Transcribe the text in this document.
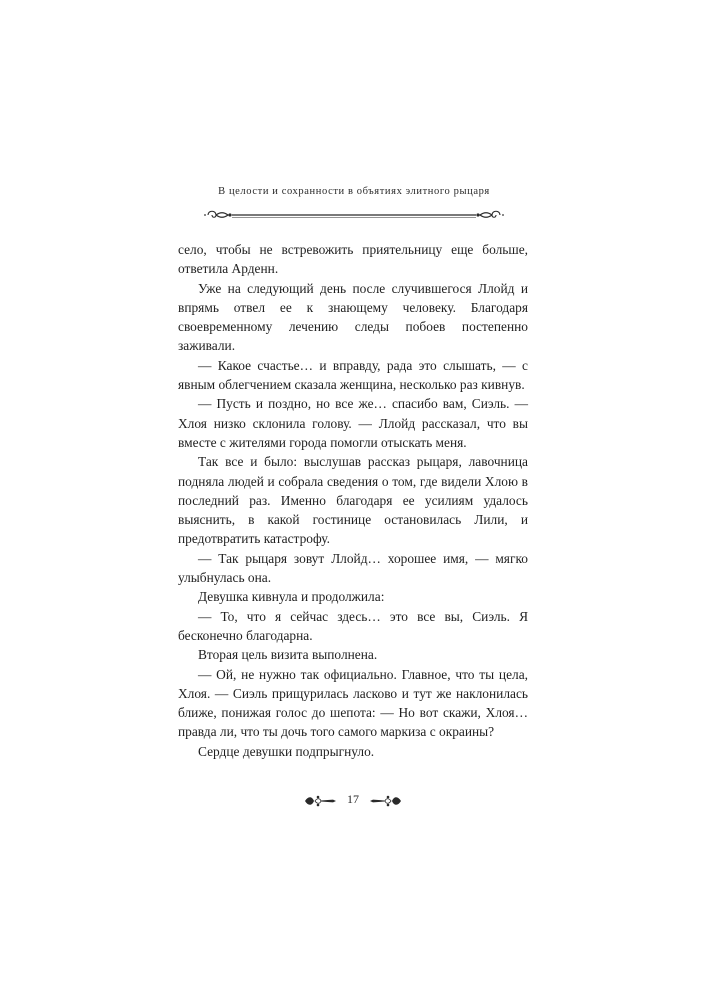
В целости и сохранности в объятиях элитного рыцаря

село, чтобы не встревожить приятельницу еще больше, ответила Арденн.

Уже на следующий день после случившегося Ллойд и впрямь отвел ее к знающему человеку. Благодаря своевременному лечению следы побоев постепенно заживали.

— Какое счастье… и вправду, рада это слышать, — с явным облегчением сказала женщина, несколько раз кивнув.

— Пусть и поздно, но все же… спасибо вам, Сиэль. — Хлоя низко склонила голову. — Ллойд рассказал, что вы вместе с жителями города помогли отыскать меня.

Так все и было: выслушав рассказ рыцаря, лавочница подняла людей и собрала сведения о том, где видели Хлою в последний раз. Именно благодаря ее усилиям удалось выяснить, в какой гостинице остановилась Лили, и предотвратить катастрофу.

— Так рыцаря зовут Ллойд… хорошее имя, — мягко улыбнулась она.

Девушка кивнула и продолжила:

— То, что я сейчас здесь… это все вы, Сиэль. Я бесконечно благодарна.

Вторая цель визита выполнена.

— Ой, не нужно так официально. Главное, что ты цела, Хлоя. — Сиэль прищурилась ласково и тут же наклонилась ближе, понижая голос до шепота: — Но вот скажи, Хлоя… правда ли, что ты дочь того самого маркиза с окраины?

Сердце девушки подпрыгнуло.

17
